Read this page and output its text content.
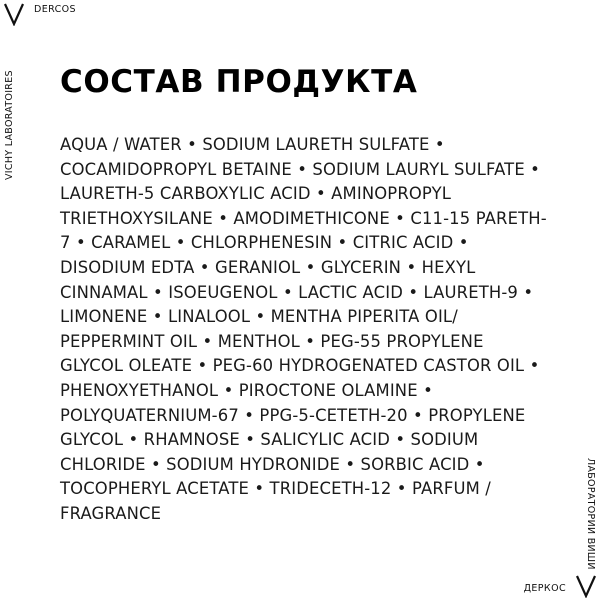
DERCOS
VICHY LABORATOIRES СОСТАВ ПРОДУКТА

AQUA / WATER • SODIUM LAURETH SULFATE • COCAMIDOPROPYL BETAINE • SODIUM LAURYL SULFATE • LAURETH-5 CARBOXYLIC ACID • AMINOPROPYL TRIETHOXYSILANE • AMODIMETHICONE • C11-15 PARETH-7 • CARAMEL • CHLORPHENESIN • CITRIC ACID • DISODIUM EDTA • GERANIOL • GLYCERIN • HEXYL CINNAMAL • ISOEUGENOL • LACTIC ACID • LAURETH-9 • LIMONENE • LINALOOL • MENTHA PIPERITA OIL/ PEPPERMINT OIL • MENTHOL • PEG-55 PROPYLENE GLYCOL OLEATE • PEG-60 HYDROGENATED CASTOR OIL • PHENOXYETHANOL • PIROCTONE OLAMINE • POLYQUATERNIUM-67 • PPG-5-CETETH-20 • PROPYLENE GLYCOL • RHAMNOSE • SALICYLIC ACID • SODIUM CHLORIDE • SODIUM HYDRONIDE • SORBIC ACID • TOCOPHERYL ACETATE • TRIDECETH-12 • PARFUM / FRAGRANCE	ЛАБОРАТОРИИ ВИШИ
ДЕРКОС
